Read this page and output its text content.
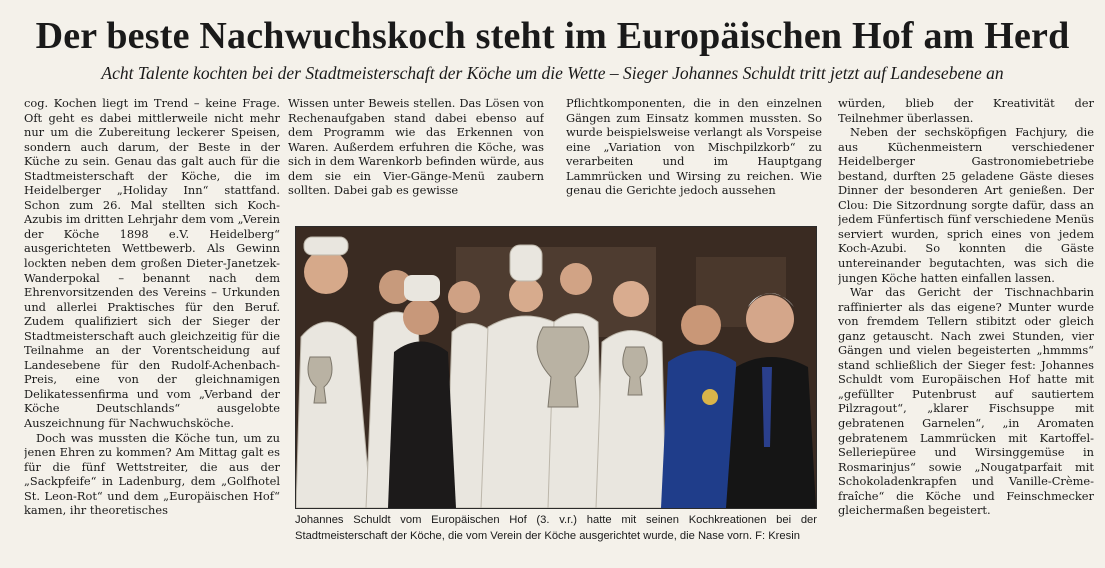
Der beste Nachwuchskoch steht im Europäischen Hof am Herd
Acht Talente kochten bei der Stadtmeisterschaft der Köche um die Wette – Sieger Johannes Schuldt tritt jetzt auf Landesebene an

cog. Kochen liegt im Trend – keine Frage. Oft geht es dabei mittlerweile nicht mehr nur um die Zubereitung leckerer Speisen, sondern auch darum, der Beste in der Küche zu sein. Genau das galt auch für die Stadtmeisterschaft der Köche, die im Heidelberger „Holiday Inn“ stattfand. Schon zum 26. Mal stellten sich Koch-Azubis im dritten Lehrjahr dem vom „Verein der Köche 1898 e.V. Heidelberg“ ausgerichteten Wettbewerb. Als Gewinn lockten neben dem großen Dieter-Janetzek-Wanderpokal – benannt nach dem Ehrenvorsitzenden des Vereins – Urkunden und allerlei Praktisches für den Beruf. Zudem qualifiziert sich der Sieger der Stadtmeisterschaft auch gleichzeitig für die Teilnahme an der Vorentscheidung auf Landesebene für den Rudolf-Achenbach-Preis, eine von der gleichnamigen Delikatessenfirma und vom „Verband der Köche Deutschlands“ ausgelobte Auszeichnung für Nachwuchsköche.

Doch was mussten die Köche tun, um zu jenen Ehren zu kommen? Am Mittag galt es für die fünf Wettstreiter, die aus der „Sackpfeife“ in Ladenburg, dem „Golfhotel St. Leon-Rot“ und dem „Europäischen Hof“ kamen, ihr theoretisches

Wissen unter Beweis stellen. Das Lösen von Rechenaufgaben stand dabei ebenso auf dem Programm wie das Erkennen von Waren. Außerdem erfuhren die Köche, was sich in dem Warenkorb befinden würde, aus dem sie ein Vier-Gänge-Menü zaubern sollten. Dabei gab es gewisse

Pflichtkomponenten, die in den einzelnen Gängen zum Einsatz kommen mussten. So wurde beispielsweise verlangt als Vorspeise eine „Variation von Mischpilzkorb“ zu verarbeiten und im Hauptgang Lammrücken und Wirsing zu reichen. Wie genau die Gerichte jedoch aussehen

würden, blieb der Kreativität der Teilnehmer überlassen.

Neben der sechsköpfigen Fachjury, die aus Küchenmeistern verschiedener Heidelberger Gastronomiebetriebe bestand, durften 25 geladene Gäste dieses Dinner der besonderen Art genießen. Der Clou: Die Sitzordnung sorgte dafür, dass an jedem Fünfertisch fünf verschiedene Menüs serviert wurden, sprich eines von jedem Koch-Azubi. So konnten die Gäste untereinander begutachten, was sich die jungen Köche hatten einfallen lassen.

War das Gericht der Tischnachbarin raffinierter als das eigene? Munter wurde von fremdem Tellern stibitzt oder gleich ganz getauscht. Nach zwei Stunden, vier Gängen und vielen begeisterten „hmmms“ stand schließlich der Sieger fest: Johannes Schuldt vom Europäischen Hof hatte mit „gefüllter Putenbrust auf sautiertem Pilzragout“, „klarer Fischsuppe mit gebratenen Garnelen“, „in Aromaten gebratenem Lammrücken mit Kartoffel-Selleriepüree und Wirsinggemüse in Rosmarinjus“ sowie „Nougatparfait mit Schokoladenkrapfen und Vanille-Crème-fraîche“ die Köche und Feinschmecker gleichermaßen begeistert.

Johannes Schuldt vom Europäischen Hof (3. v.r.) hatte mit seinen Kochkreationen bei der Stadtmeisterschaft der Köche, die vom Verein der Köche ausgerichtet wurde, die Nase vorn. F: Kresin
